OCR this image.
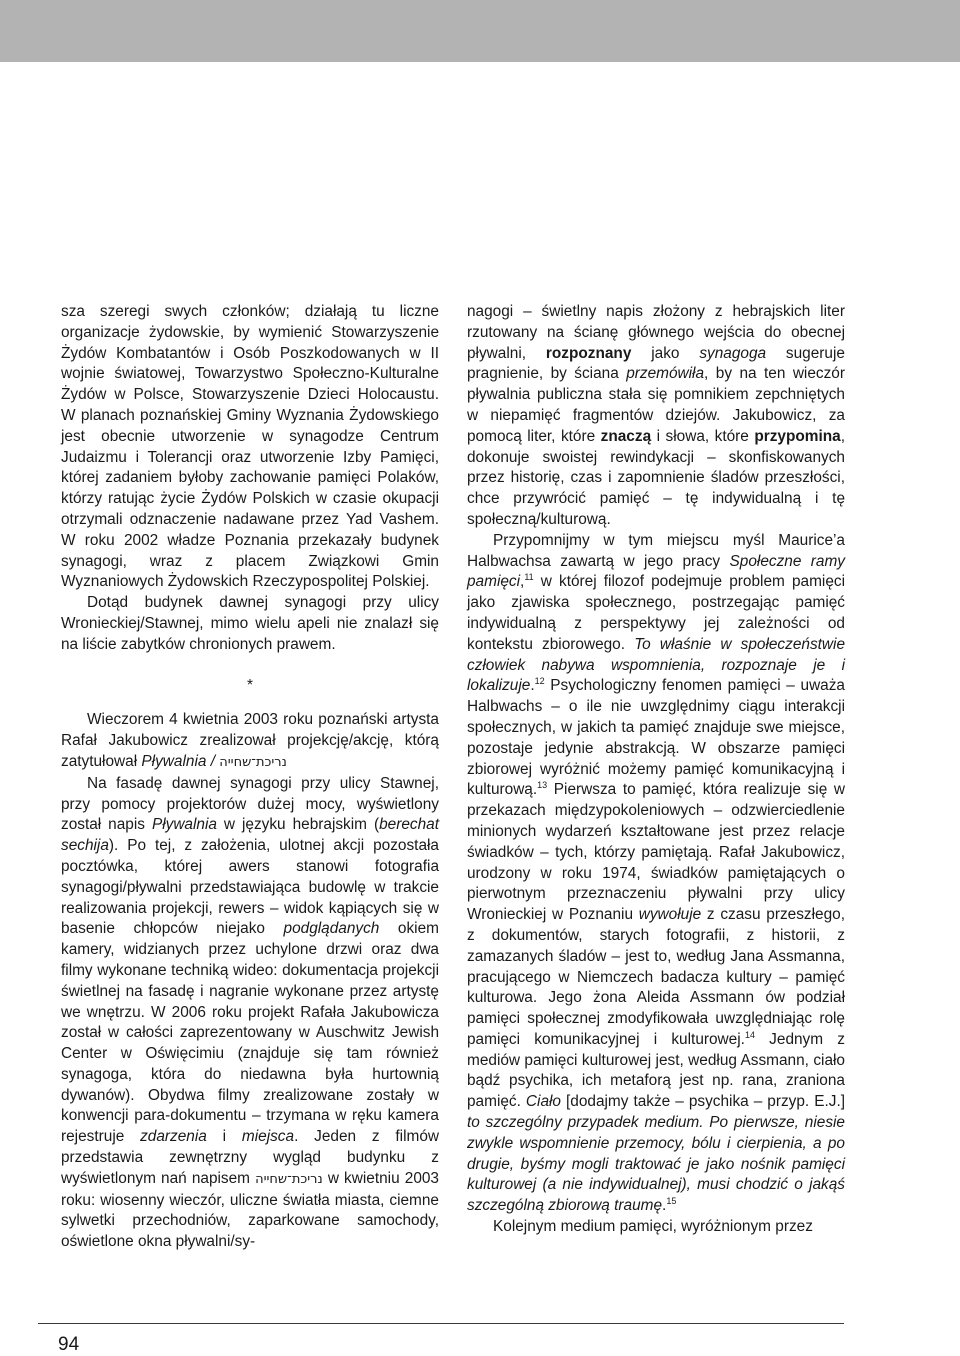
sza szeregi swych członków; działają tu liczne organizacje żydowskie, by wymienić Stowarzyszenie Żydów Kombatantów i Osób Poszkodowanych w II wojnie światowej, Towarzystwo Społeczno-Kulturalne Żydów w Polsce, Stowarzyszenie Dzieci Holocaustu. W planach poznańskiej Gminy Wyznania Żydowskiego jest obecnie utworzenie w synagodze Centrum Judaizmu i Tolerancji oraz utworzenie Izby Pamięci, której zadaniem byłoby zachowanie pamięci Polaków, którzy ratując życie Żydów Polskich w czasie okupacji otrzymali odznaczenie nadawane przez Yad Vashem. W roku 2002 władze Poznania przekazały budynek synagogi, wraz z placem Związkowi Gmin Wyznaniowych Żydowskich Rzeczypospolitej Polskiej.

Dotąd budynek dawnej synagogi przy ulicy Wronieckiej/Stawnej, mimo wielu apeli nie znalazł się na liście zabytków chronionych prawem.

*

Wieczorem 4 kwietnia 2003 roku poznański artysta Rafał Jakubowicz zrealizował projekcję/akcję, którą zatytułował Pływalnia / נריכת־שחייה

Na fasadę dawnej synagogi przy ulicy Stawnej, przy pomocy projektorów dużej mocy, wyświetlony został napis Pływalnia w języku hebrajskim (berechat sechija). Po tej, z założenia, ulotnej akcji pozostała pocztówka, której awers stanowi fotografia synagogi/pływalni przedstawiająca budowlę w trakcie realizowania projekcji, rewers – widok kąpiących się w basenie chłopców niejako podglądanych okiem kamery, widzianych przez uchylone drzwi oraz dwa filmy wykonane techniką wideo: dokumentacja projekcji świetlnej na fasadę i nagranie wykonane przez artystę we wnętrzu. W 2006 roku projekt Rafała Jakubowicza został w całości zaprezentowany w Auschwitz Jewish Center w Oświęcimiu (znajduje się tam również synagoga, która do niedawna była hurtownią dywanów). Obydwa filmy zrealizowane zostały w konwencji para-dokumentu – trzymana w ręku kamera rejestruje zdarzenia i miejsca. Jeden z filmów przedstawia zewnętrzny wygląd budynku z wyświetlonym nań napisem נריכת־שחייה w kwietniu 2003 roku: wiosenny wieczór, uliczne światła miasta, ciemne sylwetki przechodniów, zaparkowane samochody, oświetlone okna pływalni/sy-

nagogi – świetlny napis złożony z hebrajskich liter rzutowany na ścianę głównego wejścia do obecnej pływalni, rozpoznany jako synagoga sugeruje pragnienie, by ściana przemówiła, by na ten wieczór pływalnia publiczna stała się pomnikiem zepchniętych w niepamięć fragmentów dziejów. Jakubowicz, za pomocą liter, które znaczą i słowa, które przypomina, dokonuje swoistej rewindykacji – skonfiskowanych przez historię, czas i zapomnienie śladów przeszłości, chce przywrócić pamięć – tę indywidualną i tę społeczną/kulturową.

Przypomnijmy w tym miejscu myśl Maurice’a Halbwachsa zawartą w jego pracy Społeczne ramy pamięci,$^{11}$ w której filozof podejmuje problem pamięci jako zjawiska społecznego, postrzegając pamięć indywidualną z perspektywy jej zależności od kontekstu zbiorowego. To właśnie w społeczeństwie człowiek nabywa wspomnienia, rozpoznaje je i lokalizuje.$^{12}$ Psychologiczny fenomen pamięci – uważa Halbwachs – o ile nie uwzględnimy ciągu interakcji społecznych, w jakich ta pamięć znajduje swe miejsce, pozostaje jedynie abstrakcją. W obszarze pamięci zbiorowej wyróżnić możemy pamięć komunikacyjną i kulturową.$^{13}$ Pierwsza to pamięć, która realizuje się w przekazach międzypokoleniowych – odzwierciedlenie minionych wydarzeń kształtowane jest przez relacje świadków – tych, którzy pamiętają. Rafał Jakubowicz, urodzony w roku 1974, świadków pamiętających o pierwotnym przeznaczeniu pływalni przy ulicy Wronieckiej w Poznaniu wywołuje z czasu przeszłego, z dokumentów, starych fotografii, z historii, z zamazanych śladów – jest to, według Jana Assmanna, pracującego w Niemczech badacza kultury – pamięć kulturowa. Jego żona Aleida Assmann ów podział pamięci społecznej zmodyfikowała uwzględniając rolę pamięci komunikacyjnej i kulturowej.$^{14}$ Jednym z mediów pamięci kulturowej jest, według Assmann, ciało bądź psychika, ich metaforą jest np. rana, zraniona pamięć. Ciało [dodajmy także – psychika – przyp. E.J.] to szczególny przypadek medium. Po pierwsze, niesie zwykle wspomnienie przemocy, bólu i cierpienia, a po drugie, byśmy mogli traktować je jako nośnik pamięci kulturowej (a nie indywidualnej), musi chodzić o jakąś szczególną zbiorową traumę.$^{15}$

Kolejnym medium pamięci, wyróżnionym przez

94
